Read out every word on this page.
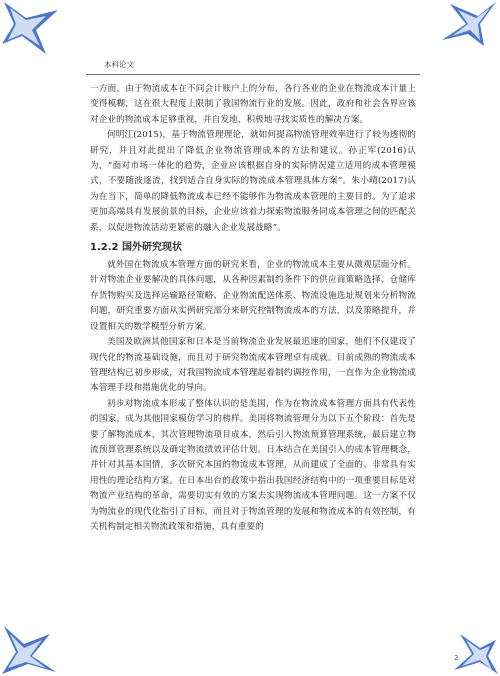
本科论文

一方面，由于物流成本在不同会计账户上的分布，各行各业的企业在物流成本计量上变得模糊，这在很大程度上限制了我国物流行业的发展。因此，政府和社会各界应该对企业的物流成本足够重视，并自发地、积极地寻找实质性的解决方案。

何明江(2015)，基于物流管理理论，就如何提高物流管理效率进行了较为透彻的研究，并且对此提出了降低企业物流管理成本的方法和建议。孙正军(2016)认为，“面对市场一体化的趋势，企业应该根据自身的实际情况建立适用的成本管理模式，不要随波逐流，找到适合自身实际的物流成本管理具体方案”。朱小晴(2017)认为在当下，简单的降低物流成本已经不能够作为物流成本管理的主要目的。为了追求更加高端具有发展前景的目标，企业应该着力探索物流服务同成本管理之间的匹配关系，以促进物流活动更紧密的融入企业发展战略”。

1.2.2 国外研究现状

就外国在物流成本管理方面的研究来看，企业的物流成本主要从微观层面分析。针对物流企业要解决的具体问题，从各种因素制约条件下的供应商策略选择、仓储库存货物购买及选择运输路径策略、企业物流配送体系、物流设施选址规划来分析物流问题，研究重要方面从实例研究部分来研究控制物流成本的方法，以及策略提升，并设置相关的数学模型分析方案。

美国及欧洲其他国家和日本是当前物流企业发展最迅速的国家，他们不仅建设了现代化的物流基础设施，而且对于研究物流成本管理卓有成就。目前成熟的物流成本管理结构已初步形成，对我国物流成本管理起着制约调控作用，一直作为企业物流成本管理手段和措施优化的导向。

初步对物流成本形成了整体认识的是美国，作为在物流成本管理方面具有代表性的国家，成为其他国家模仿学习的榜样。美国将物流管理分为以下五个阶段：首先是要了解物流成本，其次管理物流项目成本，然后引入物流预算管理系统，最后建立物流预算管理系统以及确定物流绩效评估计划。日本结合在美国引入的成本管理概念，并针对其基本国情，多次研究本国的物流成本管理，从而建成了全面的、非常具有实用性的理论结构方案。在日本出台的政策中指出我国经济结构中的一项重要目标是对物流产业结构的革命，需要切实有效的方案去实现物流成本管理问题。这一方案不仅为物流业的现代化指引了目标，而且对于物流管理的发展和物流成本的有效控制，有关机构制定相关物流政策和措施，具有重要的

2
